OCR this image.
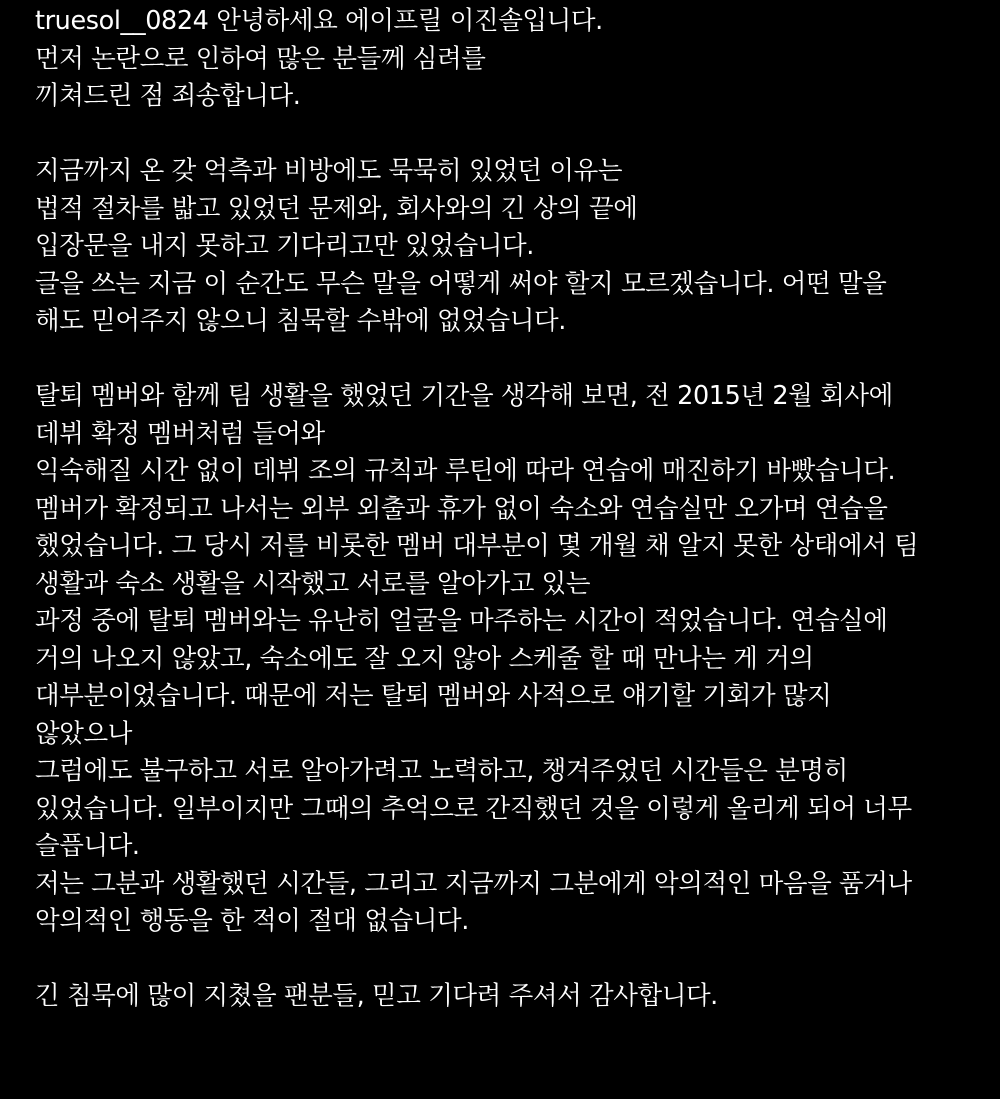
truesol__0824 안녕하세요 에이프릴 이진솔입니다.
먼저 논란으로 인하여 많은 분들께 심려를
끼쳐드린 점 죄송합니다.
지금까지 온 갖 억측과 비방에도 묵묵히 있었던 이유는
법적 절차를 밟고 있었던 문제와, 회사와의 긴 상의 끝에
입장문을 내지 못하고 기다리고만 있었습니다.
글을 쓰는 지금 이 순간도 무슨 말을 어떻게 써야 할지 모르겠습니다. 어떤 말을
해도 믿어주지 않으니 침묵할 수밖에 없었습니다.
탈퇴 멤버와 함께 팀 생활을 했었던 기간을 생각해 보면, 전 2015년 2월 회사에
데뷔 확정 멤버처럼 들어와
익숙해질 시간 없이 데뷔 조의 규칙과 루틴에 따라 연습에 매진하기 바빴습니다.
멤버가 확정되고 나서는 외부 외출과 휴가 없이 숙소와 연습실만 오가며 연습을
했었습니다. 그 당시 저를 비롯한 멤버 대부분이 몇 개월 채 알지 못한 상태에서 팀
생활과 숙소 생활을 시작했고 서로를 알아가고 있는
과정 중에 탈퇴 멤버와는 유난히 얼굴을 마주하는 시간이 적었습니다. 연습실에
거의 나오지 않았고, 숙소에도 잘 오지 않아 스케줄 할 때 만나는 게 거의
대부분이었습니다. 때문에 저는 탈퇴 멤버와 사적으로 얘기할 기회가 많지
않았으나
그럼에도 불구하고 서로 알아가려고 노력하고, 챙겨주었던 시간들은 분명히
있었습니다. 일부이지만 그때의 추억으로 간직했던 것을 이렇게 올리게 되어 너무
슬픕니다.
저는 그분과 생활했던 시간들, 그리고 지금까지 그분에게 악의적인 마음을 품거나
악의적인 행동을 한 적이 절대 없습니다.
긴 침묵에 많이 지쳤을 팬분들, 믿고 기다려 주셔서 감사합니다.
